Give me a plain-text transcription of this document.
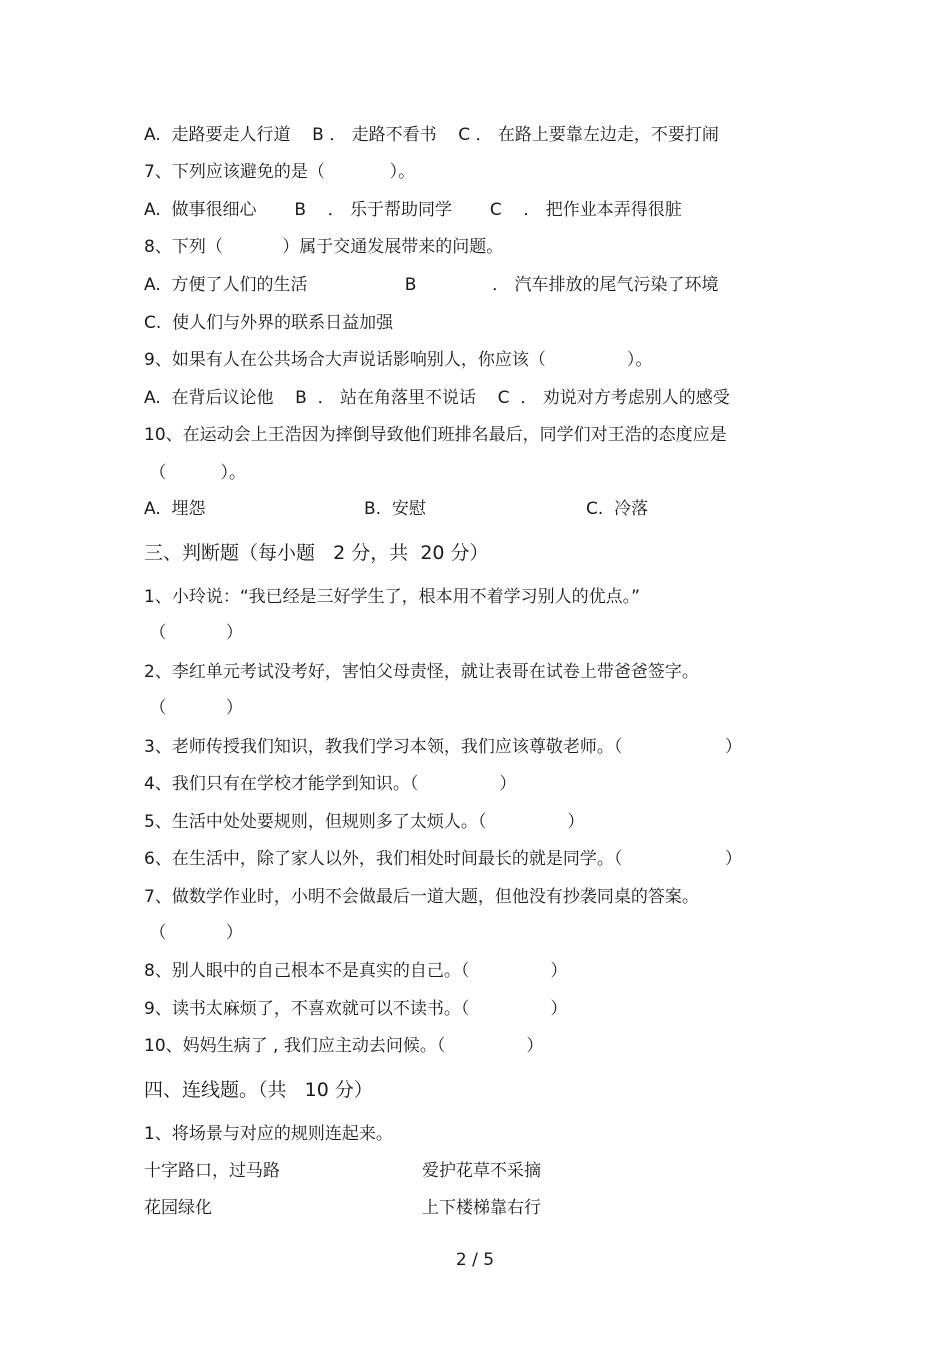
A.  走路要走人行道    B ． 走路不看书    C ． 在路上要靠左边走，不要打闹
7、下列应该避免的是（            ）。
A.  做事很细心       B    ． 乐于帮助同学       C    ． 把作业本弄得很脏
8、下列（           ）属于交通发展带来的问题。
A.  方便了人们的生活                  B              ． 汽车排放的尾气污染了环境
C.  使人们与外界的联系日益加强
9、如果有人在公共场合大声说话影响别人，你应该（               ）。
A.  在背后议论他    B  ． 站在角落里不说话    C  ． 劝说对方考虑别人的感受
10、在运动会上王浩因为摔倒导致他们班排名最后，同学们对王浩的态度应是
（          ）。
A.  埋怨	B.  安慰	C.  冷落
三、判断题（每小题   2 分，共  20 分）
1、小玲说：“我已经是三好学生了，根本用不着学习别人的优点。”
（           ）
2、李红单元考试没考好，害怕父母责怪，就让表哥在试卷上带爸爸签字。
（           ）
3、老师传授我们知识，教我们学习本领，我们应该尊敬老师。（                   ）
4、我们只有在学校才能学到知识。（               ）
5、生活中处处要规则，但规则多了太烦人。（               ）
6、在生活中，除了家人以外，我们相处时间最长的就是同学。（                   ）
7、做数学作业时，小明不会做最后一道大题，但他没有抄袭同桌的答案。
（           ）
8、别人眼中的自己根本不是真实的自己。（               ）
9、读书太麻烦了，不喜欢就可以不读书。（               ）
10、妈妈生病了 , 我们应主动去问候。（               ）
四、连线题。（共   10 分）
1、将场景与对应的规则连起来。
十字路口，过马路	爱护花草不采摘
花园绿化	上下楼梯靠右行
2 / 5
